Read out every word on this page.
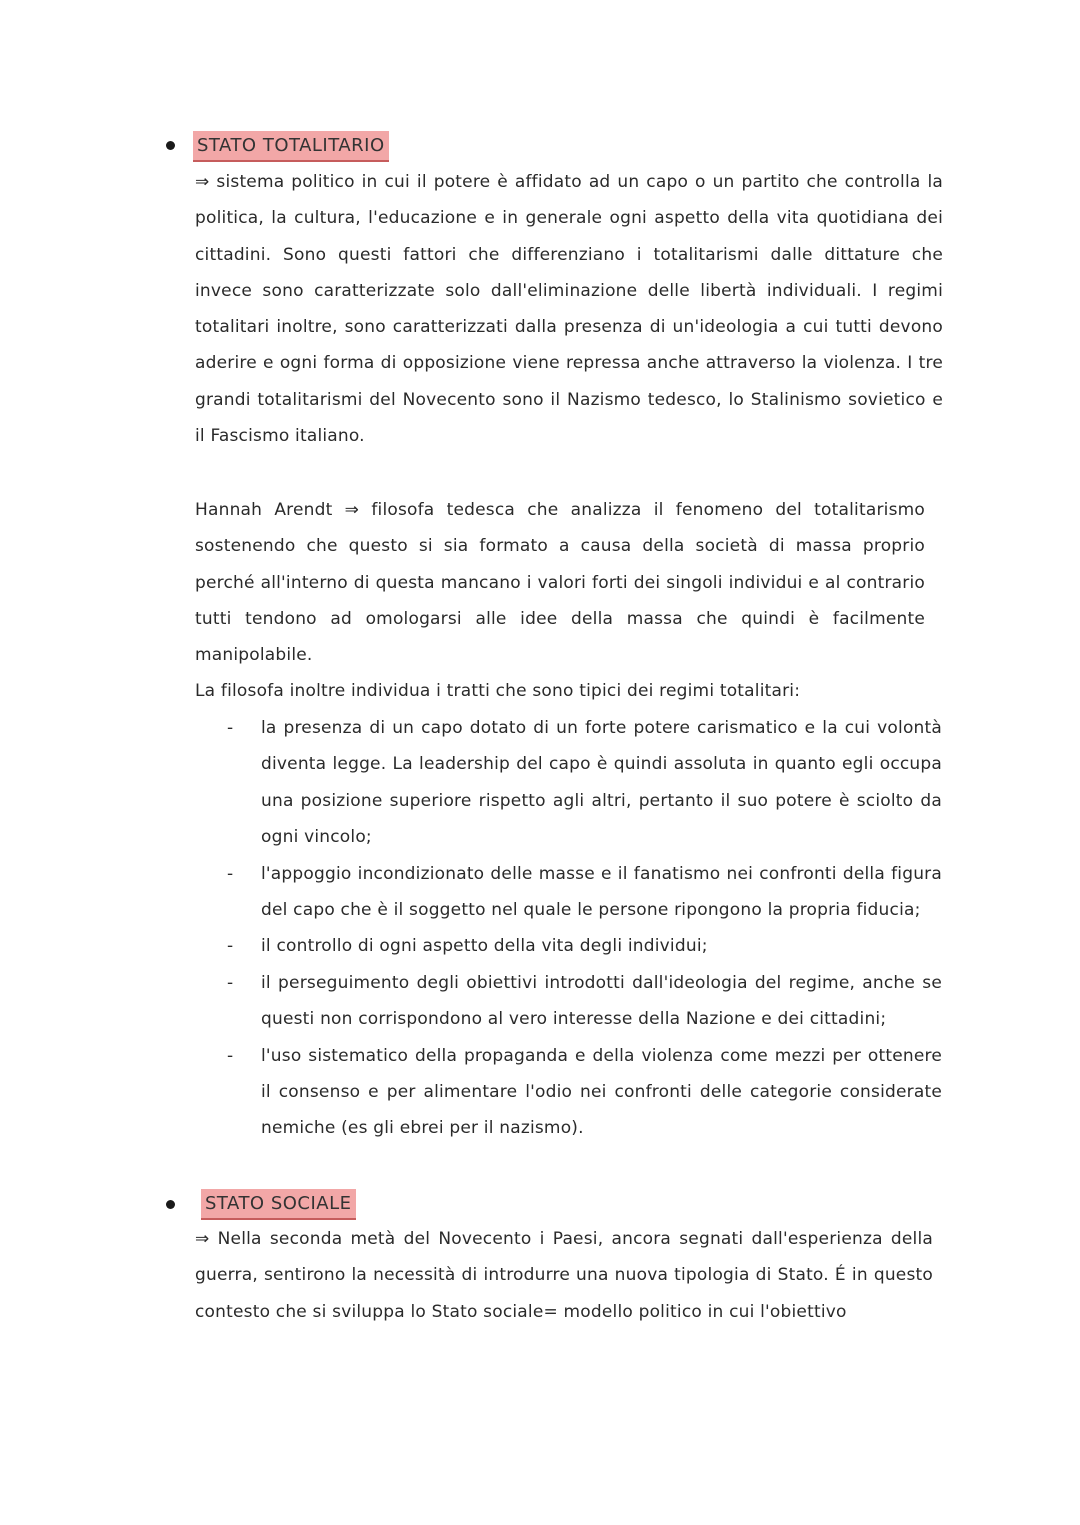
STATO TOTALITARIO

⇒ sistema politico in cui il potere è affidato ad un capo o un partito che controlla la politica, la cultura, l'educazione e in generale ogni aspetto della vita quotidiana dei cittadini. Sono questi fattori che differenziano i totalitarismi dalle dittature che invece sono caratterizzate solo dall'eliminazione delle libertà individuali. I regimi totalitari inoltre, sono caratterizzati dalla presenza di un'ideologia a cui tutti devono aderire e ogni forma di opposizione viene repressa anche attraverso la violenza. I tre grandi totalitarismi del Novecento sono il Nazismo tedesco, lo Stalinismo sovietico e il Fascismo italiano.

Hannah Arendt ⇒ filosofa tedesca che analizza il fenomeno del totalitarismo sostenendo che questo si sia formato a causa della società di massa proprio perché all'interno di questa mancano i valori forti dei singoli individui e al contrario tutti tendono ad omologarsi alle idee della massa che quindi è facilmente manipolabile.

La filosofa inoltre individua i tratti che sono tipici dei regimi totalitari:

- la presenza di un capo dotato di un forte potere carismatico e la cui volontà diventa legge. La leadership del capo è quindi assoluta in quanto egli occupa una posizione superiore rispetto agli altri, pertanto il suo potere è sciolto da ogni vincolo;
- l'appoggio incondizionato delle masse e il fanatismo nei confronti della figura del capo che è il soggetto nel quale le persone ripongono la propria fiducia;
- il controllo di ogni aspetto della vita degli individui;
- il perseguimento degli obiettivi introdotti dall'ideologia del regime, anche se questi non corrispondono al vero interesse della Nazione e dei cittadini;
- l'uso sistematico della propaganda e della violenza come mezzi per ottenere il consenso e per alimentare l'odio nei confronti delle categorie considerate nemiche (es gli ebrei per il nazismo).
STATO SOCIALE

⇒ Nella seconda metà del Novecento i Paesi, ancora segnati dall'esperienza della guerra, sentirono la necessità di introdurre una nuova tipologia di Stato. É in questo contesto che si sviluppa lo Stato sociale= modello politico in cui l'obiettivo
